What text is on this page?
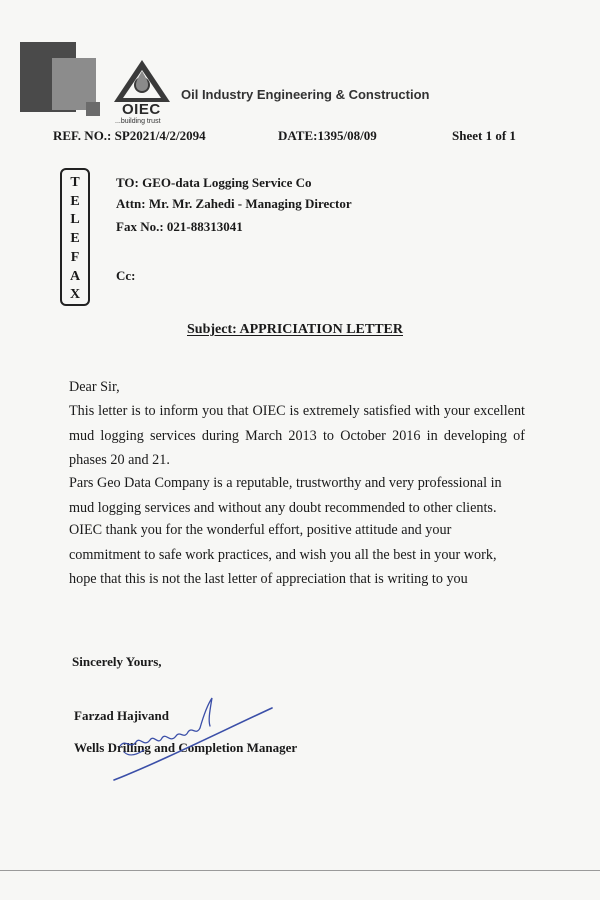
OIEC
...building trust
Oil Industry Engineering & Construction
REF. NO.: SP2021/4/2/2094	DATE:1395/08/09	Sheet 1 of 1
T
E
L
E
F
A
X
TO: GEO-data Logging Service Co
Attn: Mr. Mr. Zahedi - Managing Director
Fax No.: 021-88313041
Cc:
Subject: APPRICIATION LETTER
Dear Sir,
This letter is to inform you that OIEC is extremely satisfied with your excellent mud logging services during March 2013 to October 2016 in developing of phases 20 and 21.
Pars Geo Data Company is a reputable, trustworthy and very professional in mud logging services and without any doubt recommended to other clients.
OIEC thank you for the wonderful effort, positive attitude and your commitment to safe work practices, and wish you all the best in your work, hope that this is not the last letter of appreciation that is writing to you
Sincerely Yours,
Farzad Hajivand
Wells Drilling and Completion Manager
